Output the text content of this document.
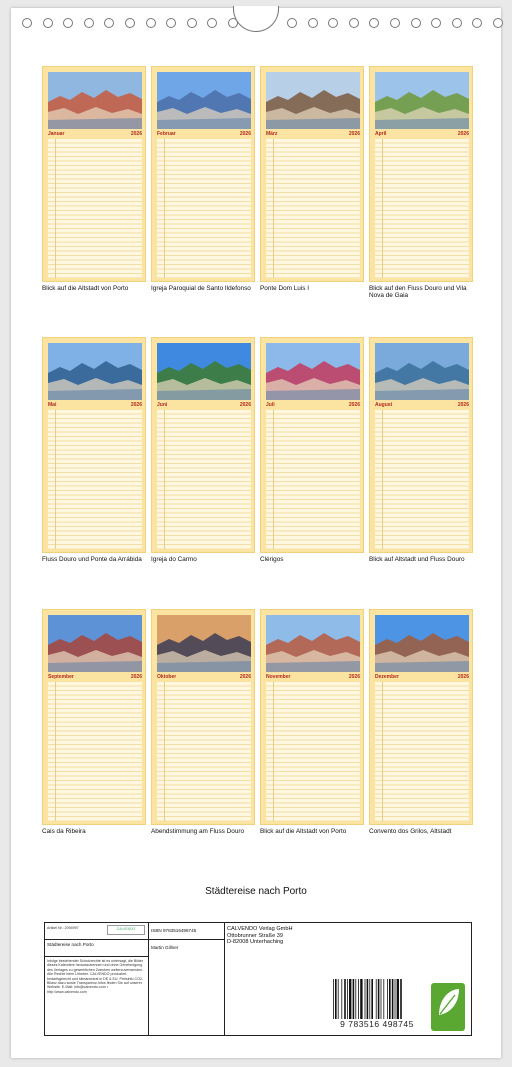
Januar	2026
Blick auf die Altstadt von Porto
Februar	2026
Igreja Paroquial de Santo Ildefonso
März	2026
Ponte Dom Luis I
April	2026
Blick auf den Fluss Douro und Vila Nova de Gaia
Mai	2026
Fluss Douro und Ponte da Arrábida
Juni	2026
Igreja do Carmo
Juli	2026
Clérigos
August	2026
Blick auf Altstadt und Fluss Douro
September	2026
Cais da Ribeira
Oktober	2026
Abendstimmung am Fluss Douro
November	2026
Blick auf die Altstadt von Porto
Dezember	2026
Convento dos Grilos, Altstadt
Städtereise nach Porto
Artikel Nr.: 2094997	CALVENDO
Städtereise nach Porto
Infolge bestehender Schutzrechte ist es untersagt, die Bilder dieses Kalenders herauszutrennen und ohne Genehmigung des Verlages zu gewerblichen Zwecken weiterzuverwenden. Alle Rechte beim Urheber. CALVENDO produziert bedarfsgerecht und klimaneutral in DE & EU. Preisinfo CO2-Bilanz dazu sowie Transparenz-Infos finden Sie auf unserer Website. E-Mail: info@calvendo.com • http://www.calvendo.com
ISBN 9783516498745
Martin Gillner
CALVENDO Verlag GmbH
Ottobrunner Straße 39
D-82008 Unterhaching
9 783516 498745	eco
